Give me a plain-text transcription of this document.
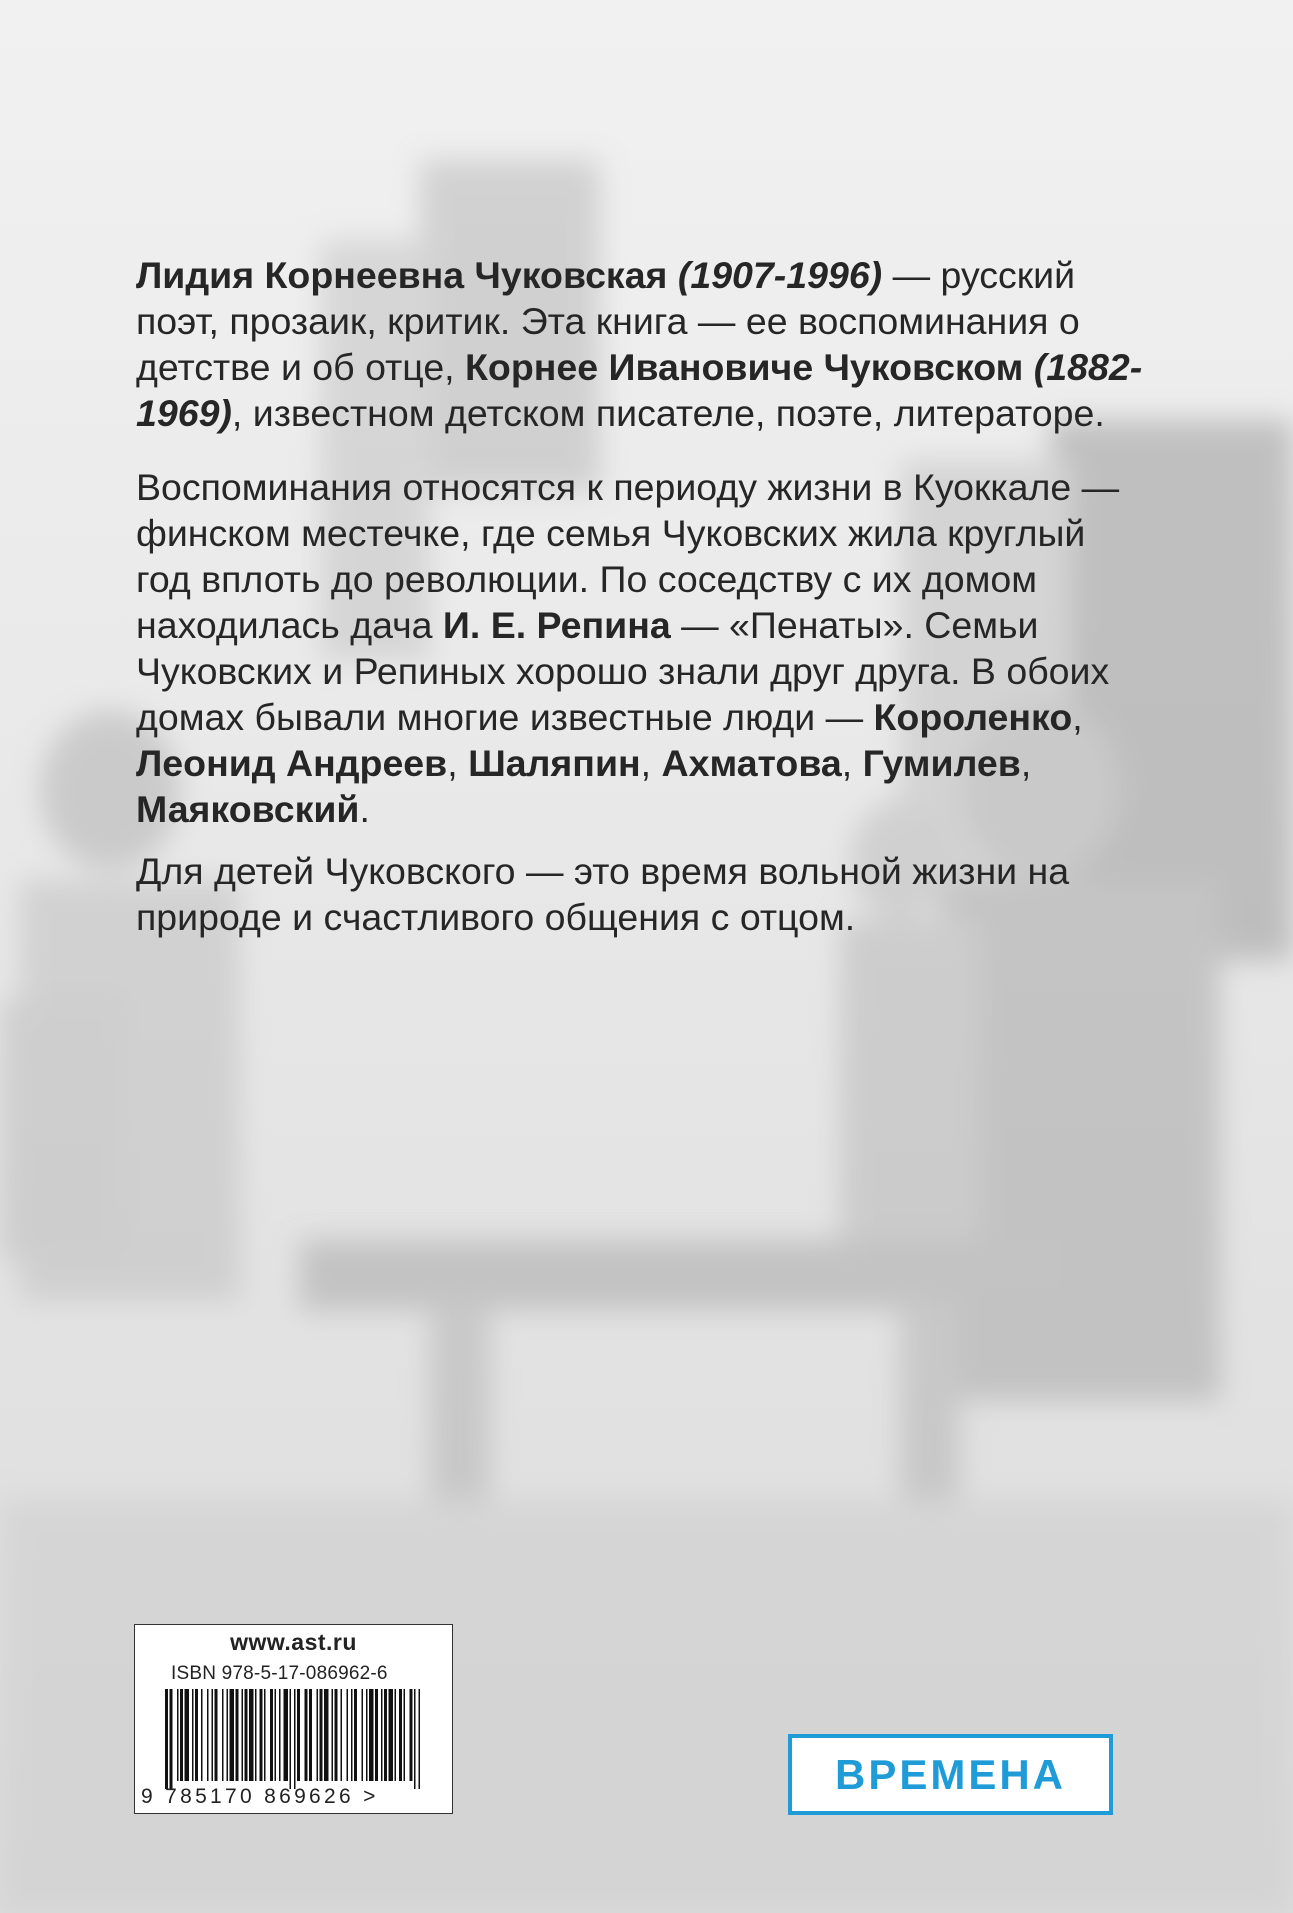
Лидия Корнеевна Чуковская (1907-1996) — русский поэт, прозаик, критик. Эта книга — ее воспоминания о детстве и об отце, Корнее Ивановиче Чуковском (1882-1969), известном детском писателе, поэте, литераторе.

Воспоминания относятся к периоду жизни в Куоккале — финском местечке, где семья Чуковских жила круглый год вплоть до революции. По соседству с их домом находилась дача И. Е. Репина — «Пенаты». Семьи Чуковских и Репиных хорошо знали друг друга. В обоих домах бывали многие известные люди — Короленко, Леонид Андреев, Шаляпин, Ахматова, Гумилев, Маяковский.

Для детей Чуковского — это время вольной жизни на природе и счастливого общения с отцом.

www.ast.ru
ISBN 978-5-17-086962-6
9 785170 869626 >	ВРЕМЕНА
